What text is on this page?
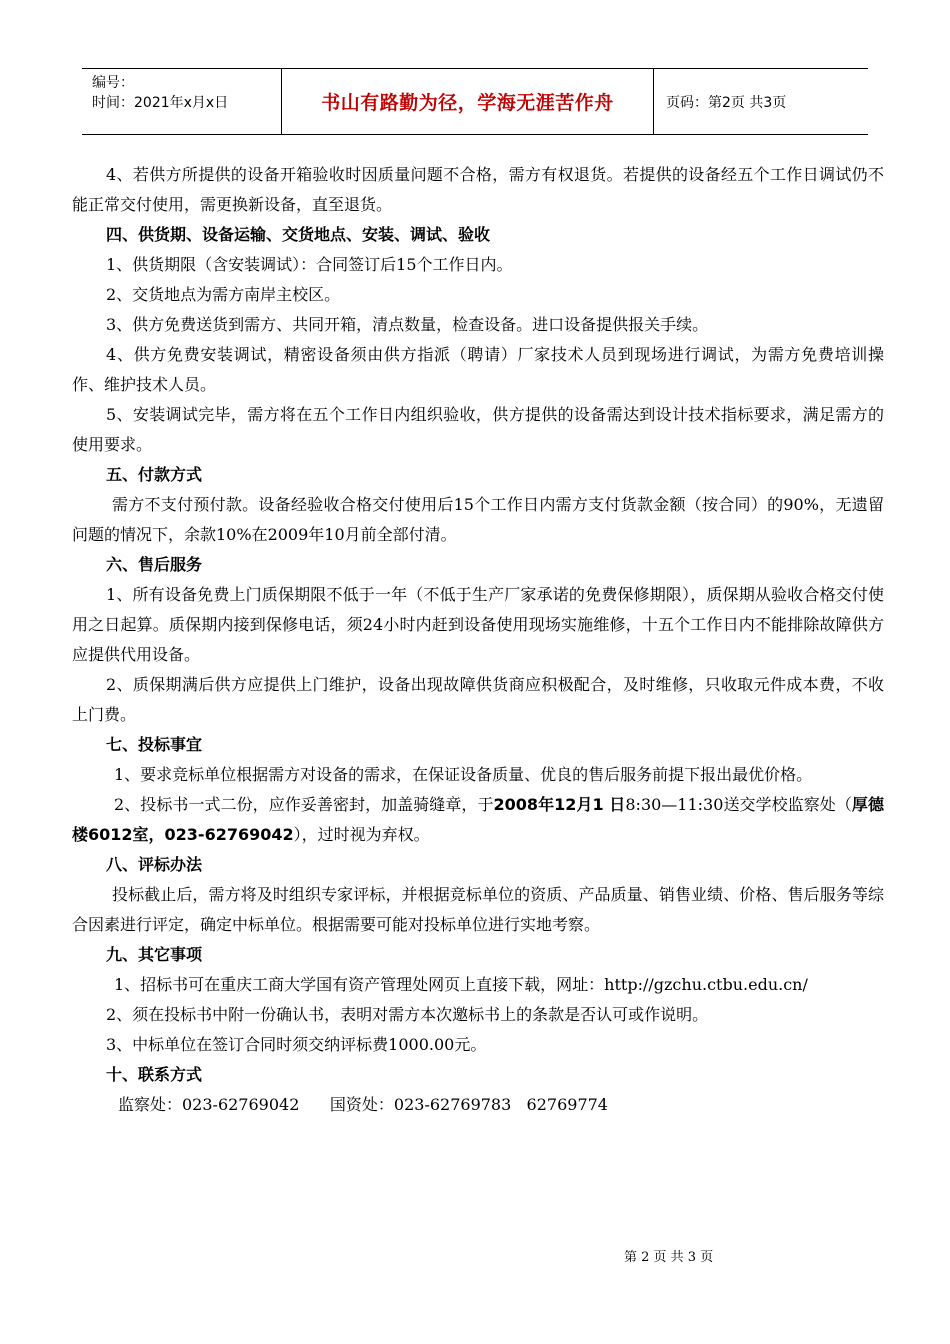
编号：
时间：2021年x月x日	书山有路勤为径，学海无涯苦作舟	页码：第2页 共3页

4、若供方所提供的设备开箱验收时因质量问题不合格，需方有权退货。若提供的设备经五个工作日调试仍不能正常交付使用，需更换新设备，直至退货。

四、供货期、设备运输、交货地点、安装、调试、验收

1、供货期限（含安装调试）：合同签订后15个工作日内。

2、交货地点为需方南岸主校区。

3、供方免费送货到需方、共同开箱，清点数量，检查设备。进口设备提供报关手续。

4、供方免费安装调试，精密设备须由供方指派（聘请）厂家技术人员到现场进行调试，为需方免费培训操作、维护技术人员。

5、安装调试完毕，需方将在五个工作日内组织验收，供方提供的设备需达到设计技术指标要求，满足需方的使用要求。

五、付款方式

需方不支付预付款。设备经验收合格交付使用后15个工作日内需方支付货款金额（按合同）的90%，无遗留问题的情况下，余款10%在2009年10月前全部付清。

六、售后服务

1、所有设备免费上门质保期限不低于一年（不低于生产厂家承诺的免费保修期限），质保期从验收合格交付使用之日起算。质保期内接到保修电话，须24小时内赶到设备使用现场实施维修，十五个工作日内不能排除故障供方应提供代用设备。

2、质保期满后供方应提供上门维护，设备出现故障供货商应积极配合，及时维修，只收取元件成本费，不收上门费。

七、投标事宜

1、要求竞标单位根据需方对设备的需求，在保证设备质量、优良的售后服务前提下报出最优价格。

2、投标书一式二份，应作妥善密封，加盖骑缝章，于2008年12月1 日8:30—11:30送交学校监察处（厚德楼6012室，023-62769042），过时视为弃权。

八、评标办法

投标截止后，需方将及时组织专家评标，并根据竞标单位的资质、产品质量、销售业绩、价格、售后服务等综合因素进行评定，确定中标单位。根据需要可能对投标单位进行实地考察。

九、其它事项

1、招标书可在重庆工商大学国有资产管理处网页上直接下载，网址：http://gzchu.ctbu.edu.cn/

2、须在投标书中附一份确认书，表明对需方本次邀标书上的条款是否认可或作说明。

3、中标单位在签订合同时须交纳评标费1000.00元。

十、联系方式

监察处：023-62769042      国资处：023-62769783   62769774

第 2 页 共 3 页
